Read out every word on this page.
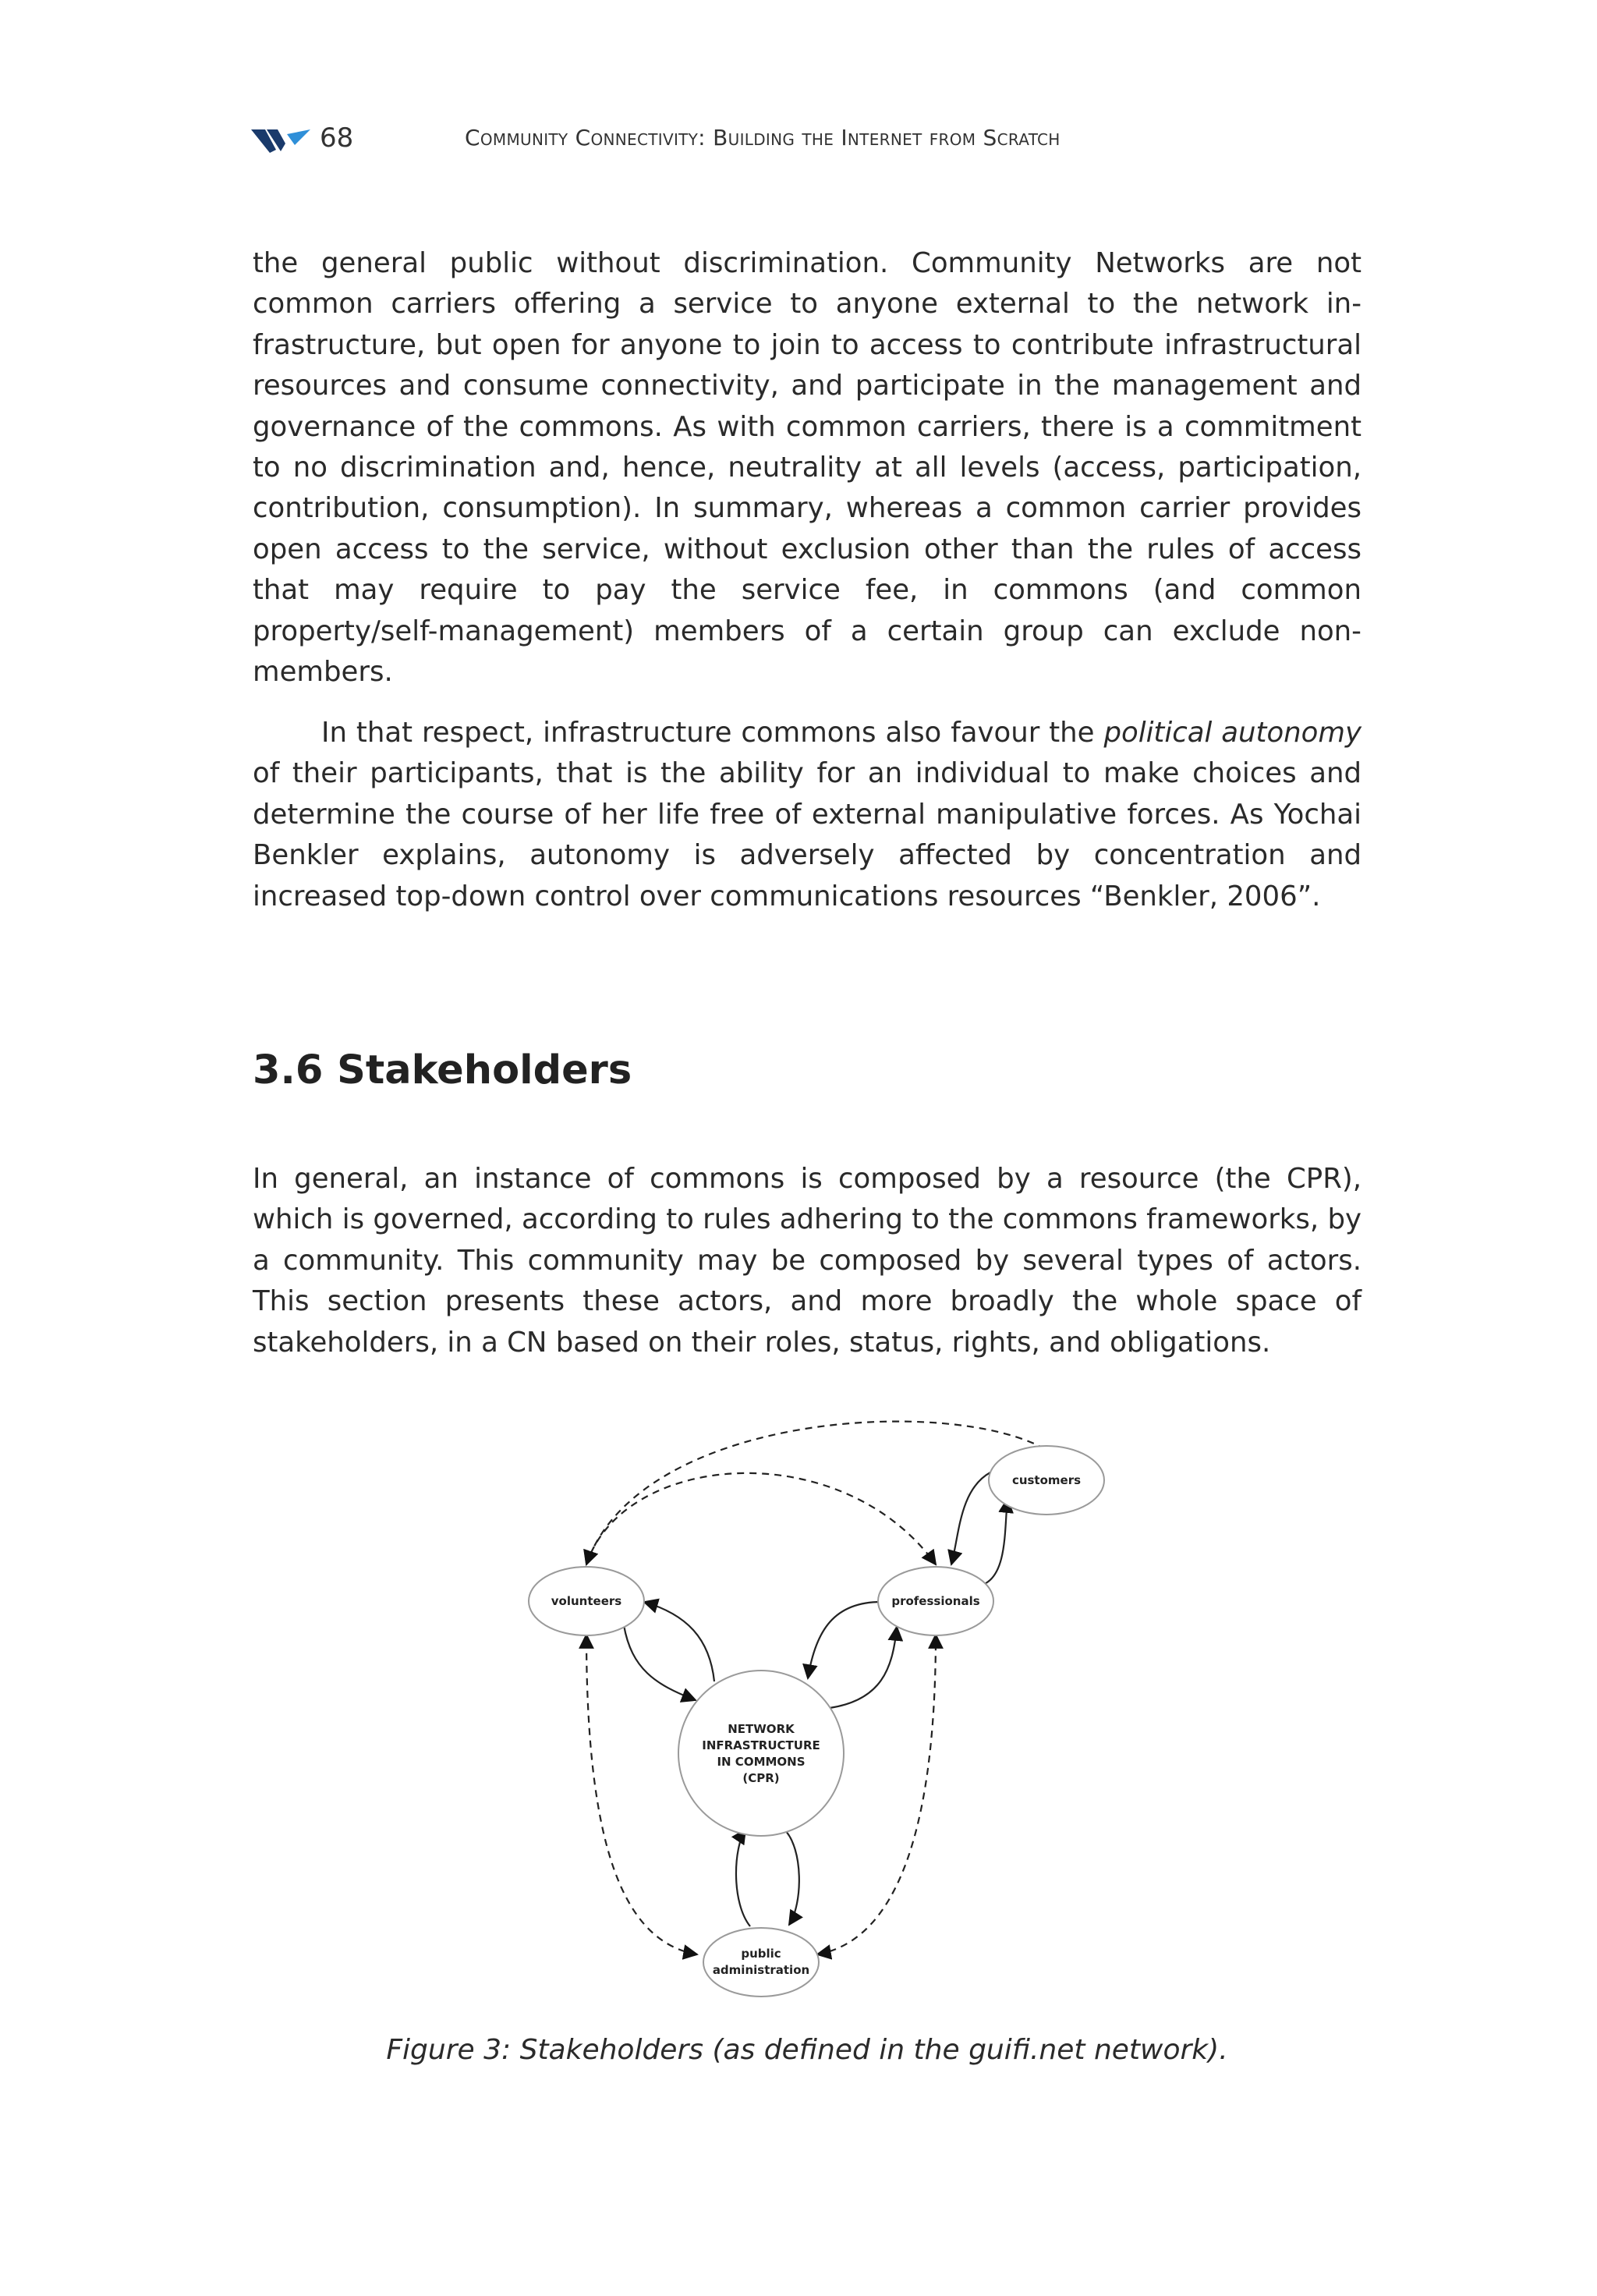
68	Community Connectivity: Building the Internet from Scratch

the general public without discrimination. Community Networks are not common carriers offering a service to anyone external to the network infrastructure, but open for anyone to join to access to contribute infrastructural resources and consume connectivity, and participate in the management and governance of the commons. As with common carriers, there is a commitment to no discrimination and, hence, neutrality at all levels (access, participation, contribution, consumption). In summary, whereas a common carrier provides open access to the service, without exclusion other than the rules of access that may require to pay the service fee, in commons (and common property/self-management) members of a certain group can exclude non-members.

In that respect, infrastructure commons also favour the political autonomy of their participants, that is the ability for an individual to make choices and determine the course of her life free of external manipulative forces. As Yochai Benkler explains, autonomy is adversely affected by concentration and increased top-down control over communications resources “Benkler, 2006”.

3.6 Stakeholders

In general, an instance of commons is composed by a resource (the CPR), which is governed, according to rules adhering to the commons frameworks, by a community. This community may be composed by several types of actors. This section presents these actors, and more broadly the whole space of stakeholders, in a CN based on their roles, status, rights, and obligations.

customers
volunteers	professionals
NETWORK
INFRASTRUCTURE
IN COMMONS
(CPR)
public
administration

Figure 3: Stakeholders (as defined in the guifi.net network).
